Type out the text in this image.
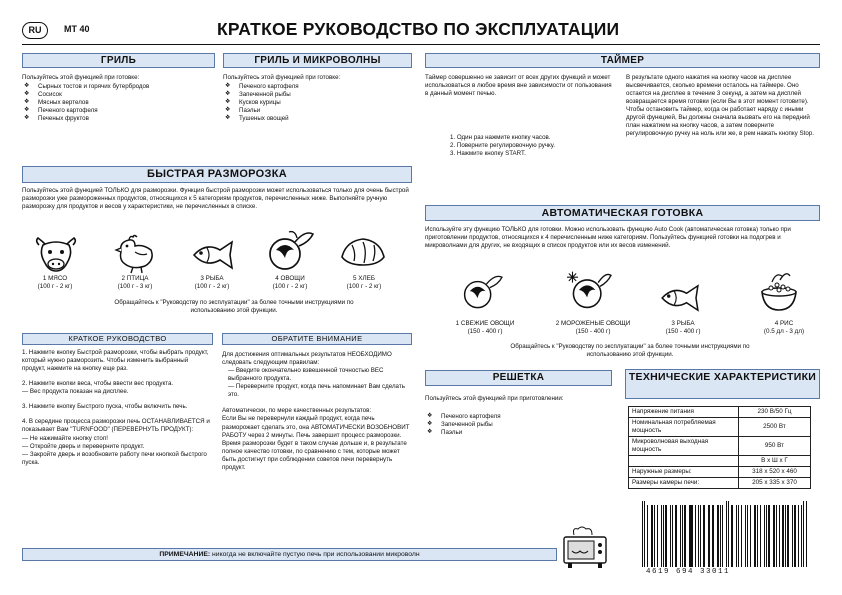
RU	MT 40	КРАТКОЕ РУКОВОДСТВО ПО ЭКСПЛУАТАЦИИ
ГРИЛЬ
Пользуйтесь этой функцией при готовке:
❖ Сырных тостов и горячих бутербродов
❖ Сосисок
❖ Мясных вертелов
❖ Печеного картофеля
❖ Печеных фруктов
ГРИЛЬ И МИКРОВОЛНЫ
Пользуйтесь этой функцией при готовке:
❖ Печеного картофеля
❖ Запеченной рыбы
❖ Кусков курицы
❖ Паэльи
❖ Тушеных овощей
ТАЙМЕР
Таймер совершенно не зависит от всех других функций и может использоваться в любое время вне зависимости от пользования в данный момент печью.
1. Один раз нажмите кнопку часов.
2. Поверните регулировочную ручку.
3. Нажмите кнопку START.
В результате одного нажатия на кнопку часов на дисплее высвечивается, сколько времени осталось на таймере. Оно остается на дисплее в течение 3 секунд, а затем на дисплей возвращается время готовки (если Вы в этот момент готовите). Чтобы остановить таймер, когда он работает наряду с иными другой функцией, Вы должны сначала вызвать его на передний план нажатием на кнопку часов, а затем поверните регулировочную ручку на ноль или же, в рем нажать кнопку Stop.
БЫСТРАЯ РАЗМОРОЗКА
Пользуйтесь этой функцией ТОЛЬКО для разморозки. Функция быстрой разморозки может использоваться только для очень быстрой разморозки уже размороженных продуктов, относящихся к 5 категориям продуктов, перечисленных ниже. Выполняйте ручную разморозку для продуктов и весов у характеристики, не перечисленных в списке.
1 МЯСО
(100 г - 2 кг)
2 ПТИЦА
(100 г - 3 кг)
3 РЫБА
(100 г - 2 кг)
4 ОВОЩИ
(100 г - 2 кг)
5 ХЛЕБ
(100 г - 2 кг)
Обращайтесь к "Руководству по эксплуатации" за более точными инструкциями по использованию этой функции.
АВТОМАТИЧЕСКАЯ ГОТОВКА
Используйте эту функцию ТОЛЬКО для готовки. Можно использовать функцию Auto Cook (автоматическая готовка) только при приготовлении продуктов, относящихся к 4 перечисленным ниже категориям. Пользуйтесь функцией готовки на подогрев и микроволнами для других, не входящих в список продуктов или их весов изменений.
1 СВЕЖИЕ ОВОЩИ
(150 - 400 г)
2 МОРОЖЕНЫЕ ОВОЩИ
(150 - 400 г)
3 РЫБА
(150 - 400 г)
4 РИС
(0.5 дл - 3 дл)
Обращайтесь к "Руководству по эксплуатации" за более точными инструкциями по использованию этой функции.
КРАТКОЕ РУКОВОДСТВО
1. Нажмите кнопку Быстрой разморозки, чтобы выбрать продукт, который нужно разморозить. Чтобы изменить выбранный продукт, нажмите на кнопку еще раз.
2. Нажмите кнопки веса, чтобы ввести вес продукта.
— Вес продукта показан на дисплее.
3. Нажмите кнопку Быстрого пуска, чтобы включить печь.
4. В середине процесса разморозки печь ОСТАНАВЛИВАЕТСЯ и показывает Вам "TURNFOOD" (ПЕРЕВЕРНУТЬ ПРОДУКТ):
— Не нажимайте кнопку стоп!
— Откройте дверь и переверните продукт.
— Закройте дверь и возобновите работу печи кнопкой быстрого пуска.
ОБРАТИТЕ ВНИМАНИЕ
Для достижения оптимальных результатов НЕОБХОДИМО следовать следующим правилам:
— Введите окончательно взвешенной точностью ВЕС выбранного продукта.
— Переверните продукт, когда печь напоминает Вам сделать это.
Автоматически, по мере качественных результатов:
Если Вы не перевернули каждый продукт, когда печь разморожает сделать это, она АВТОМАТИЧЕСКИ ВОЗОБНОВИТ РАБОТУ через 2 минуты. Печь завершит процесс разморозки. Время разморозки будет в таком случае дольше и, в результате полное качество готовки, по сравнению с тем, которые может быть достигнут при соблюдении советов печи перевернуть продукт.
РЕШЕТКА
Пользуйтесь этой функцией при приготовлении:
❖ Печеного картофеля
❖ Запеченной рыбы
❖ Паэльи
ТЕХНИЧЕСКИЕ ХАРАКТЕРИСТИКИ
Напряжение питания	230 В/50 Гц
Номинальная потребляемая мощность	2500 Вт
Микроволновая выходная мощность	950 Вт
	В х Ш х Г
Наружные размеры:	318 х 520 х 460
Размеры камеры печи:	205 х 335 х 370
ПРИМЕЧАНИЕ: никогда не включайте пустую печь при использовании микроволн
4619 694 33011
